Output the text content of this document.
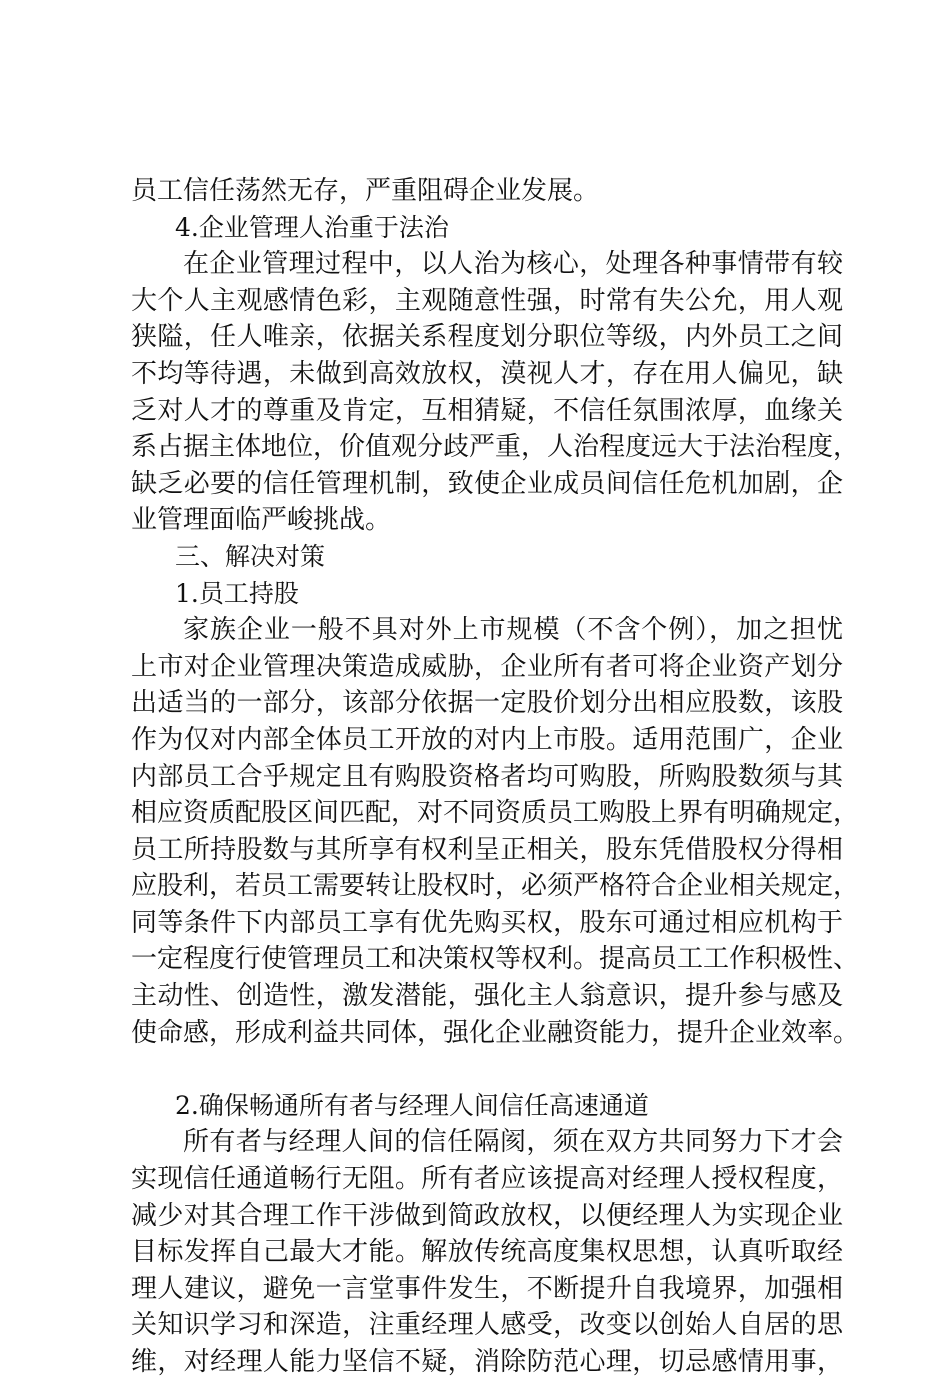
员工信任荡然无存，严重阻碍企业发展。
4.企业管理人治重于法治
在企业管理过程中，以人治为核心，处理各种事情带有较
大个人主观感情色彩，主观随意性强，时常有失公允，用人观
狭隘，任人唯亲，依据关系程度划分职位等级，内外员工之间
不均等待遇，未做到高效放权，漠视人才，存在用人偏见，缺
乏对人才的尊重及肯定，互相猜疑，不信任氛围浓厚，血缘关
系占据主体地位，价值观分歧严重，人治程度远大于法治程度，
缺乏必要的信任管理机制，致使企业成员间信任危机加剧，企
业管理面临严峻挑战。
三、解决对策
1.员工持股
家族企业一般不具对外上市规模（不含个例），加之担忧
上市对企业管理决策造成威胁，企业所有者可将企业资产划分
出适当的一部分，该部分依据一定股价划分出相应股数，该股
作为仅对内部全体员工开放的对内上市股。适用范围广，企业
内部员工合乎规定且有购股资格者均可购股，所购股数须与其
相应资质配股区间匹配，对不同资质员工购股上界有明确规定，
员工所持股数与其所享有权利呈正相关，股东凭借股权分得相
应股利，若员工需要转让股权时，必须严格符合企业相关规定，
同等条件下内部员工享有优先购买权，股东可通过相应机构于
一定程度行使管理员工和决策权等权利。提高员工工作积极性、
主动性、创造性，激发潜能，强化主人翁意识，提升参与感及
使命感，形成利益共同体，强化企业融资能力，提升企业效率。
2.确保畅通所有者与经理人间信任高速通道
所有者与经理人间的信任隔阂，须在双方共同努力下才会
实现信任通道畅行无阻。所有者应该提高对经理人授权程度，
减少对其合理工作干涉做到简政放权，以便经理人为实现企业
目标发挥自己最大才能。解放传统高度集权思想，认真听取经
理人建议，避免一言堂事件发生，不断提升自我境界，加强相
关知识学习和深造，注重经理人感受，改变以创始人自居的思
维，对经理人能力坚信不疑，消除防范心理，切忌感情用事，
